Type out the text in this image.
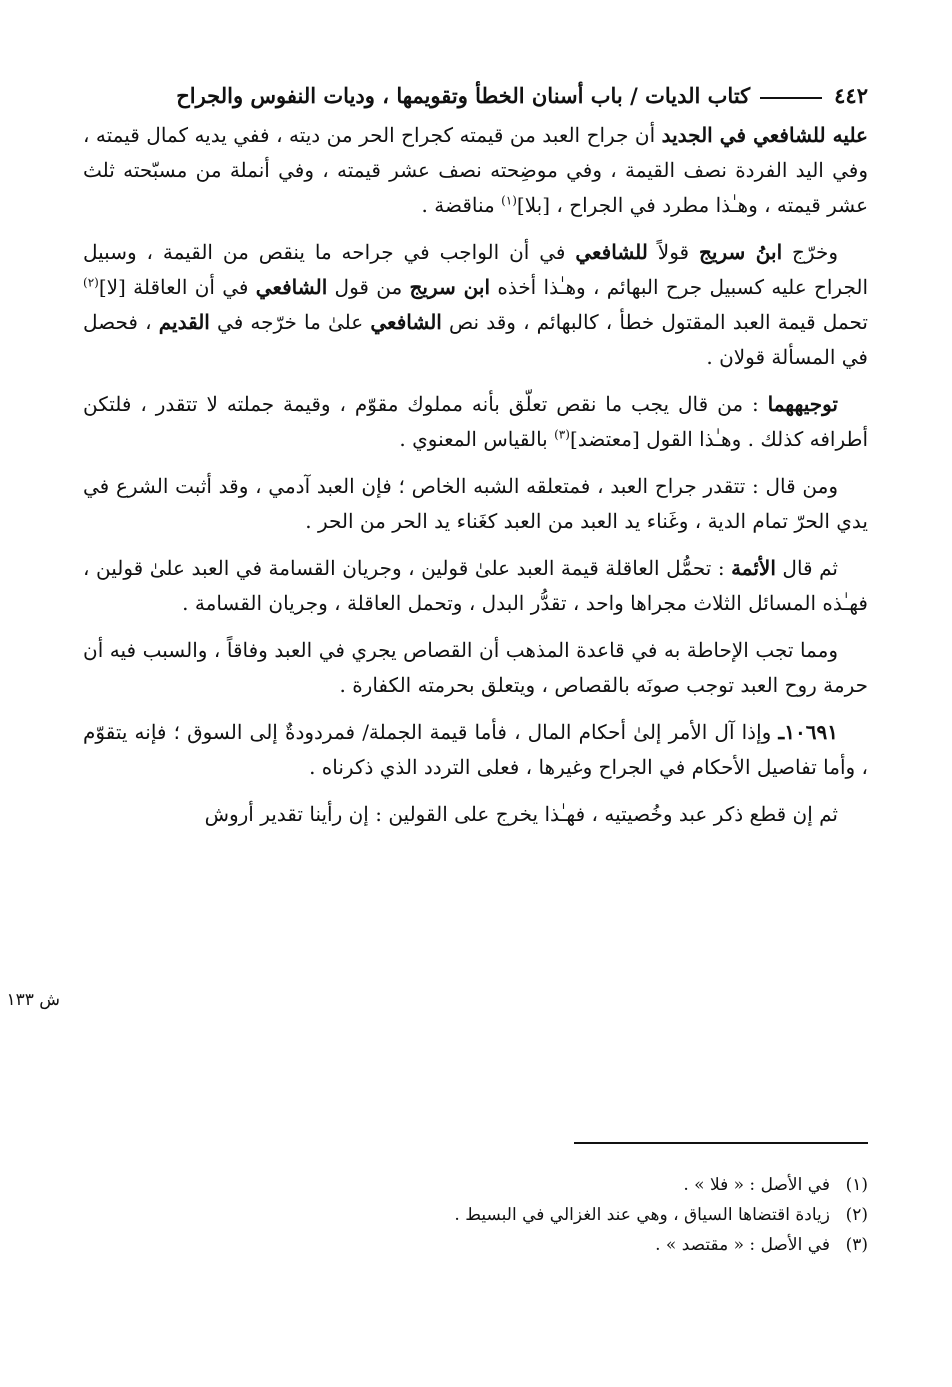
٤٤٢كتاب الديات / باب أسنان الخطأ وتقويمها ، وديات النفوس والجراح

عليه للشافعي في الجديد أن جراح العبد من قيمته كجراح الحر من ديته ، ففي يديه كمال قيمته ، وفي اليد الفردة نصف القيمة ، وفي موضِحته نصف عشر قيمته ، وفي أنملة من مسبّحته ثلث عشر قيمته ، وهـٰذا مطرد في الجراح ، [بلا]$^{(١)}$ مناقضة .

وخرّج ابنُ سريج قولاً للشافعي في أن الواجب في جراحه ما ينقص من القيمة ، وسبيل الجراح عليه كسبيل جرح البهائم ، وهـٰذا أخذه ابن سريج من قول الشافعي في أن العاقلة [لا]$^{(٢)}$ تحمل قيمة العبد المقتول خطأ ، كالبهائم ، وقد نص الشافعي علىٰ ما خرّجه في القديم ، فحصل في المسألة قولان .

توجيههما : من قال يجب ما نقص تعلّق بأنه مملوك مقوّم ، وقيمة جملته لا تتقدر ، فلتكن أطرافه كذلك . وهـٰذا القول [معتضد]$^{(٣)}$ بالقياس المعنوي .

ومن قال : تتقدر جراح العبد ، فمتعلقه الشبه الخاص ؛ فإن العبد آدمي ، وقد أثبت الشرع في يدي الحرّ تمام الدية ، وغَناء يد العبد من العبد كغَناء يد الحر من الحر .

ثم قال الأئمة : تحمُّل العاقلة قيمة العبد علىٰ قولين ، وجريان القسامة في العبد علىٰ قولين ، فهـٰذه المسائل الثلاث مجراها واحد ، تقدُّر البدل ، وتحمل العاقلة ، وجريان القسامة .

ومما تجب الإحاطة به في قاعدة المذهب أن القصاص يجري في العبد وفاقاً ، والسبب فيه أن حرمة روح العبد توجب صونَه بالقصاص ، ويتعلق بحرمته الكفارة .

١٠٦٩١ـ وإذا آل الأمر إلىٰ أحكام المال ، فأما قيمة الجملة/ فمردودةٌ إلى السوق ؛ فإنه يتقوّم ، وأما تفاصيل الأحكام في الجراح وغيرها ، فعلى التردد الذي ذكرناه .

ثم إن قطع ذكر عبد وخُصيتيه ، فهـٰذا يخرج على القولين : إن رأينا تقدير أروش

ش ١٣٣
(١)في الأصل : « فلا » .
(٢)زيادة اقتضاها السياق ، وهي عند الغزالي في البسيط .
(٣)في الأصل : « مقتصد » .
